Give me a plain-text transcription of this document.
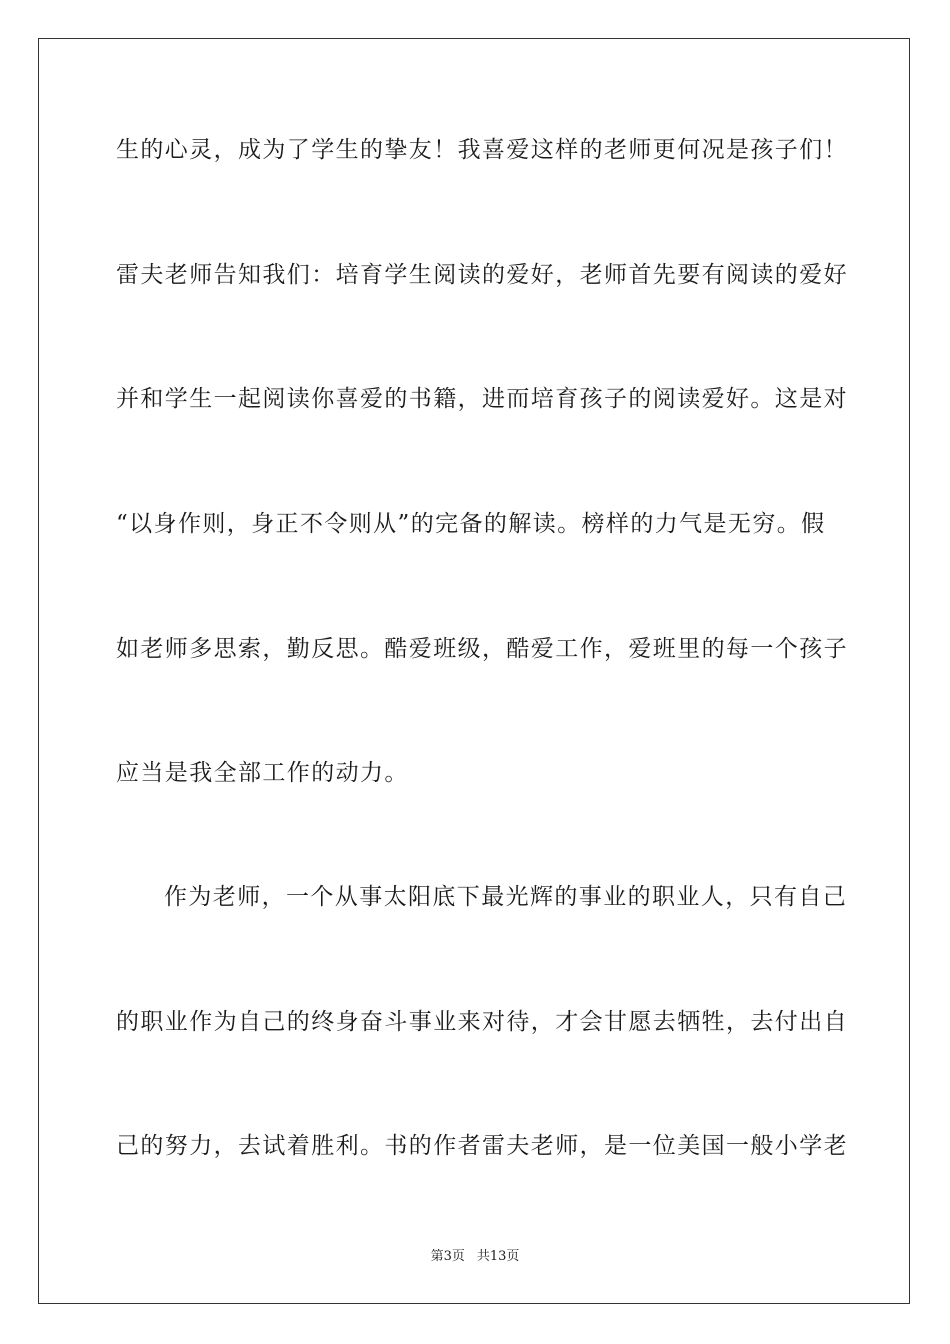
生的心灵，成为了学生的挚友！我喜爱这样的老师更何况是孩子们！

雷夫老师告知我们：培育学生阅读的爱好，老师首先要有阅读的爱好

并和学生一起阅读你喜爱的书籍，进而培育孩子的阅读爱好。这是对

“以身作则，身正不令则从”的完备的解读。榜样的力气是无穷。假

如老师多思索，勤反思。酷爱班级，酷爱工作，爱班里的每一个孩子

应当是我全部工作的动力。

作为老师，一个从事太阳底下最光辉的事业的职业人，只有自己

的职业作为自己的终身奋斗事业来对待，才会甘愿去牺牲，去付出自

己的努力，去试着胜利。书的作者雷夫老师，是一位美国一般小学老

第3页 共13页
